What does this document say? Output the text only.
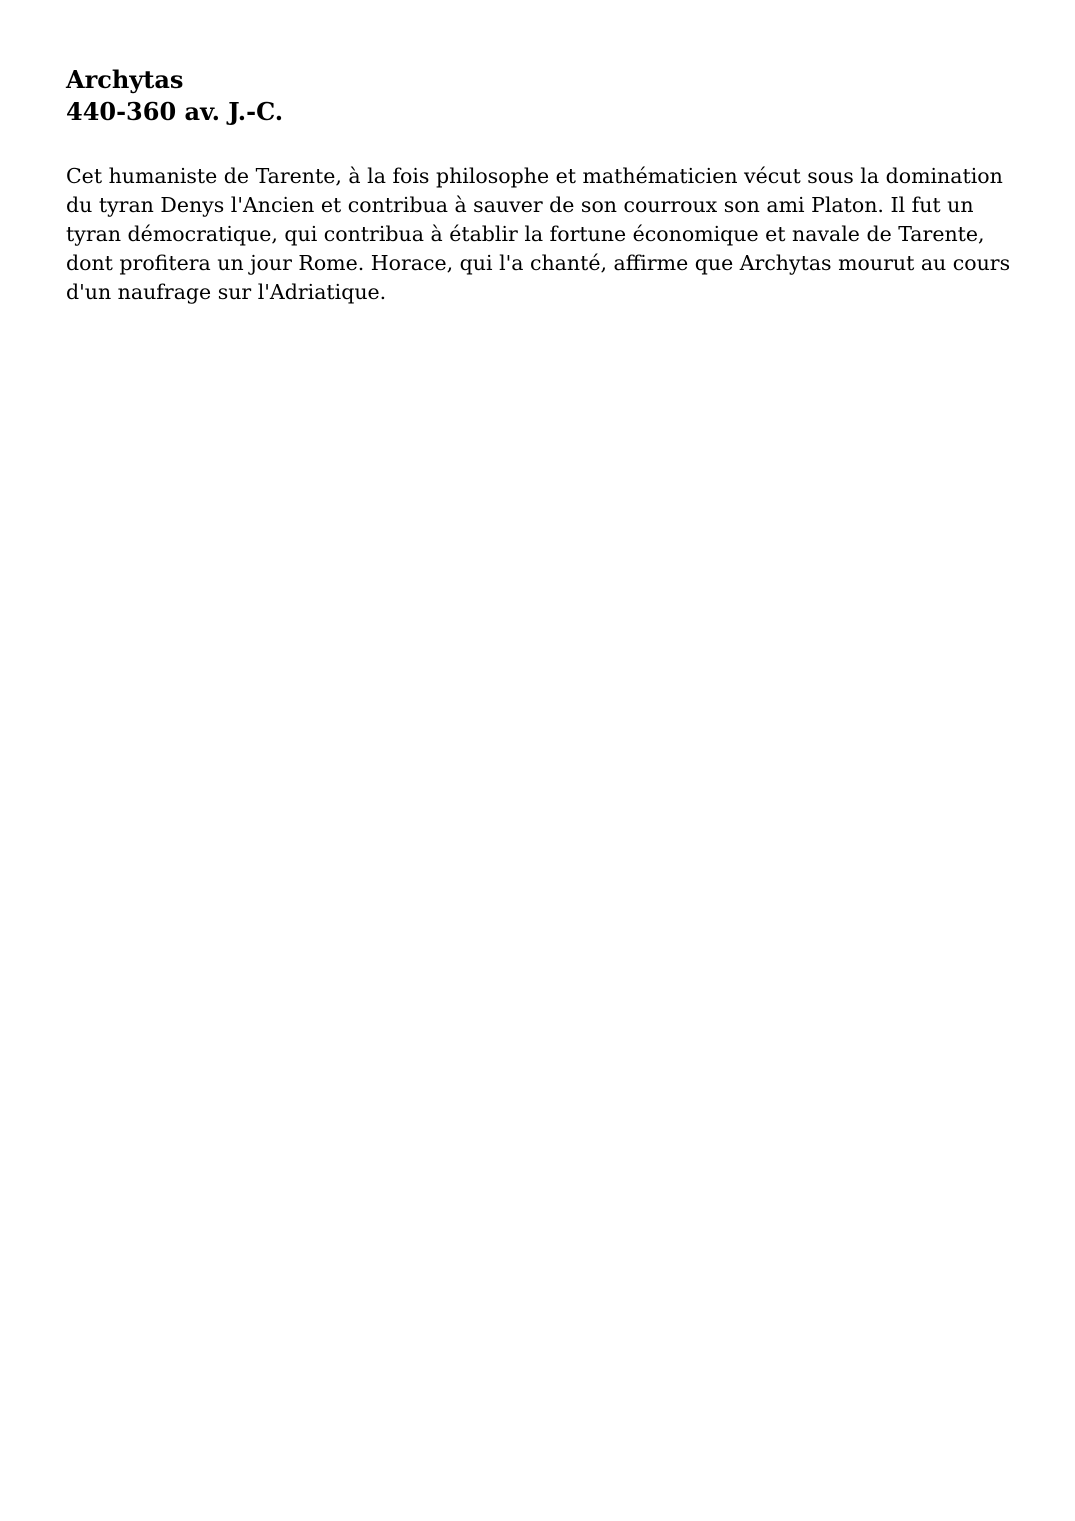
Archytas
440-360 av. J.-C.

Cet humaniste de Tarente, à la fois philosophe et mathématicien vécut sous la domination du tyran Denys l'Ancien et contribua à sauver de son courroux son ami Platon. Il fut un tyran démocratique, qui contribua à établir la fortune économique et navale de Tarente, dont profitera un jour Rome. Horace, qui l'a chanté, affirme que Archytas mourut au cours d'un naufrage sur l'Adriatique.
